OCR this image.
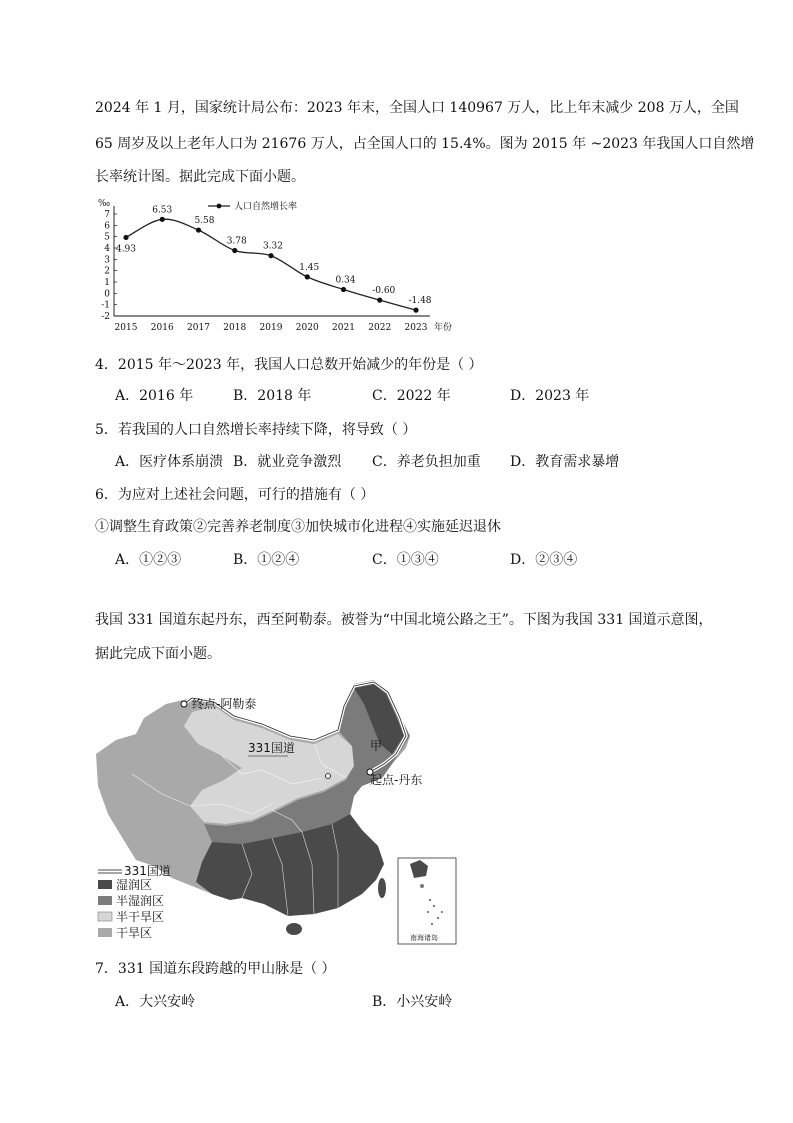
2024 年 1 月，国家统计局公布：2023 年末，全国人口 140967 万人，比上年末减少 208 万人，全国
65 周岁及以上老年人口为 21676 万人，占全国人口的 15.4%。图为 2015 年 ~2023 年我国人口自然增
长率统计图。据此完成下面小题。
‰
7
6
5
4
3
2
1
0
-1
-2
2015 2016 2017 2018 2019 2020 2021 2022 2023 年份
4.93
6.53
5.58
3.78
3.32
1.45
0.34
-0.60
-1.48
人口自然增长率
4．2015 年～2023 年，我国人口总数开始减少的年份是（ ）
A．2016 年	B．2018 年	C．2022 年	D．2023 年
5．若我国的人口自然增长率持续下降，将导致（ ）
A．医疗体系崩溃 B．就业竞争激烈 C．养老负担加重 D．教育需求暴增
6．为应对上述社会问题，可行的措施有（ ）
①调整生育政策②完善养老制度③加快城市化进程④实施延迟退休
A．①②③	B．①②④	C．①③④	D．②③④
我国 331 国道东起丹东，西至阿勒泰。被誉为“中国北境公路之王”。下图为我国 331 国道示意图，
据此完成下面小题。
终点-阿勒泰
331国道	甲
起点-丹东
南海诸岛
331国道
湿润区
半湿润区
半干旱区
干旱区
7．331 国道东段跨越的甲山脉是（ ）
A．大兴安岭	B．小兴安岭
